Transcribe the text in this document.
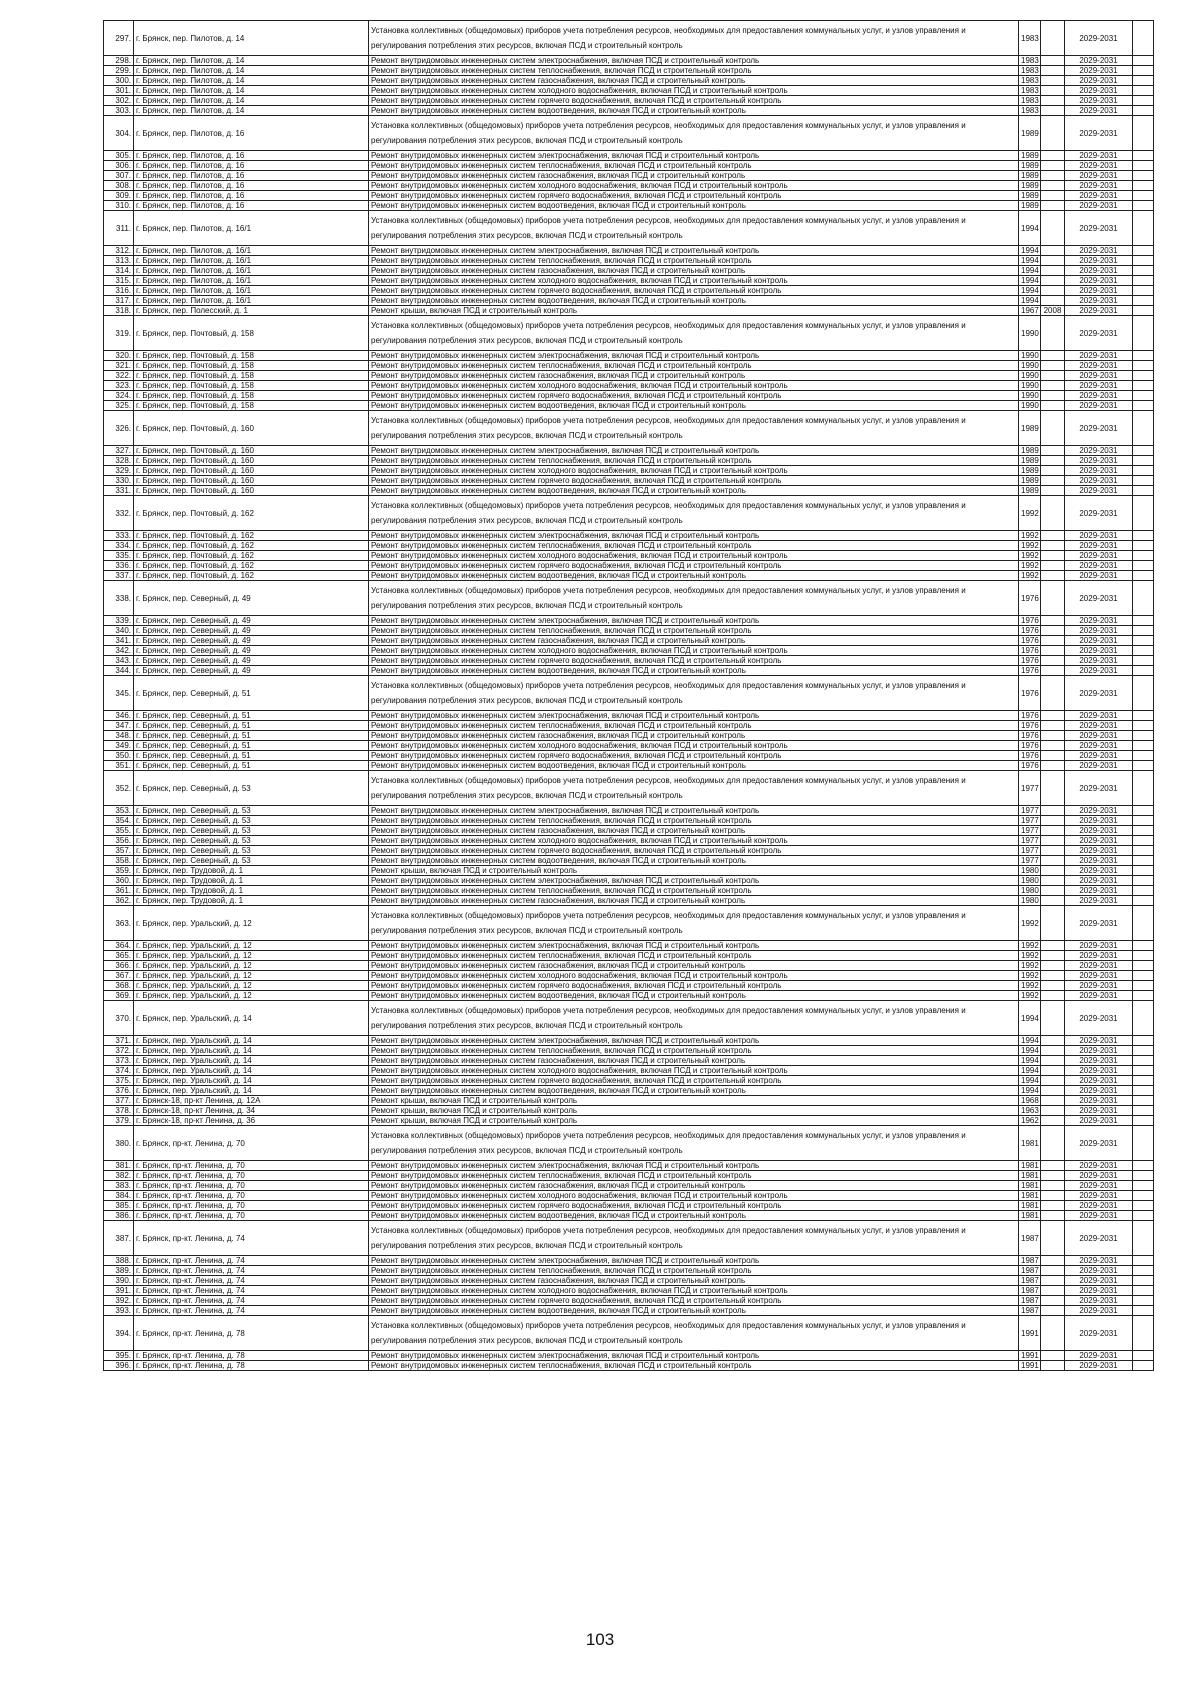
297.	г. Брянск, пер. Пилотов, д. 14	Установка коллективных (общедомовых) приборов учета потребления ресурсов, необходимых для предоставления коммунальных услуг, и узлов управления и регулирования потребления этих ресурсов, включая ПСД и строительный контроль	1983		2029-2031	
298.	г. Брянск, пер. Пилотов, д. 14	Ремонт внутридомовых инженерных систем электроснабжения, включая ПСД и строительный контроль	1983		2029-2031	
299.	г. Брянск, пер. Пилотов, д. 14	Ремонт внутридомовых инженерных систем теплоснабжения, включая ПСД и строительный контроль	1983		2029-2031	
300.	г. Брянск, пер. Пилотов, д. 14	Ремонт внутридомовых инженерных систем газоснабжения, включая ПСД и строительный контроль	1983		2029-2031	
301.	г. Брянск, пер. Пилотов, д. 14	Ремонт внутридомовых инженерных систем холодного водоснабжения, включая ПСД и строительный контроль	1983		2029-2031	
302.	г. Брянск, пер. Пилотов, д. 14	Ремонт внутридомовых инженерных систем горячего водоснабжения, включая ПСД и строительный контроль	1983		2029-2031	
303.	г. Брянск, пер. Пилотов, д. 14	Ремонт внутридомовых инженерных систем водоотведения, включая ПСД и строительный контроль	1983		2029-2031	
304.	г. Брянск, пер. Пилотов, д. 16	Установка коллективных (общедомовых) приборов учета потребления ресурсов, необходимых для предоставления коммунальных услуг, и узлов управления и регулирования потребления этих ресурсов, включая ПСД и строительный контроль	1989		2029-2031	
305.	г. Брянск, пер. Пилотов, д. 16	Ремонт внутридомовых инженерных систем электроснабжения, включая ПСД и строительный контроль	1989		2029-2031	
306.	г. Брянск, пер. Пилотов, д. 16	Ремонт внутридомовых инженерных систем теплоснабжения, включая ПСД и строительный контроль	1989		2029-2031	
307.	г. Брянск, пер. Пилотов, д. 16	Ремонт внутридомовых инженерных систем газоснабжения, включая ПСД и строительный контроль	1989		2029-2031	
308.	г. Брянск, пер. Пилотов, д. 16	Ремонт внутридомовых инженерных систем холодного водоснабжения, включая ПСД и строительный контроль	1989		2029-2031	
309.	г. Брянск, пер. Пилотов, д. 16	Ремонт внутридомовых инженерных систем горячего водоснабжения, включая ПСД и строительный контроль	1989		2029-2031	
310.	г. Брянск, пер. Пилотов, д. 16	Ремонт внутридомовых инженерных систем водоотведения, включая ПСД и строительный контроль	1989		2029-2031	
311.	г. Брянск, пер. Пилотов, д. 16/1	Установка коллективных (общедомовых) приборов учета потребления ресурсов, необходимых для предоставления коммунальных услуг, и узлов управления и регулирования потребления этих ресурсов, включая ПСД и строительный контроль	1994		2029-2031	
312.	г. Брянск, пер. Пилотов, д. 16/1	Ремонт внутридомовых инженерных систем электроснабжения, включая ПСД и строительный контроль	1994		2029-2031	
313.	г. Брянск, пер. Пилотов, д. 16/1	Ремонт внутридомовых инженерных систем теплоснабжения, включая ПСД и строительный контроль	1994		2029-2031	
314.	г. Брянск, пер. Пилотов, д. 16/1	Ремонт внутридомовых инженерных систем газоснабжения, включая ПСД и строительный контроль	1994		2029-2031	
315.	г. Брянск, пер. Пилотов, д. 16/1	Ремонт внутридомовых инженерных систем холодного водоснабжения, включая ПСД и строительный контроль	1994		2029-2031	
316.	г. Брянск, пер. Пилотов, д. 16/1	Ремонт внутридомовых инженерных систем горячего водоснабжения, включая ПСД и строительный контроль	1994		2029-2031	
317.	г. Брянск, пер. Пилотов, д. 16/1	Ремонт внутридомовых инженерных систем водоотведения, включая ПСД и строительный контроль	1994		2029-2031	
318.	г. Брянск, пер. Полесский, д. 1	Ремонт крыши, включая ПСД и строительный контроль	1967	2008	2029-2031	
319.	г. Брянск, пер. Почтовый, д. 158	Установка коллективных (общедомовых) приборов учета потребления ресурсов, необходимых для предоставления коммунальных услуг, и узлов управления и регулирования потребления этих ресурсов, включая ПСД и строительный контроль	1990		2029-2031	
320.	г. Брянск, пер. Почтовый, д. 158	Ремонт внутридомовых инженерных систем электроснабжения, включая ПСД и строительный контроль	1990		2029-2031	
321.	г. Брянск, пер. Почтовый, д. 158	Ремонт внутридомовых инженерных систем теплоснабжения, включая ПСД и строительный контроль	1990		2029-2031	
322.	г. Брянск, пер. Почтовый, д. 158	Ремонт внутридомовых инженерных систем газоснабжения, включая ПСД и строительный контроль	1990		2029-2031	
323.	г. Брянск, пер. Почтовый, д. 158	Ремонт внутридомовых инженерных систем холодного водоснабжения, включая ПСД и строительный контроль	1990		2029-2031	
324.	г. Брянск, пер. Почтовый, д. 158	Ремонт внутридомовых инженерных систем горячего водоснабжения, включая ПСД и строительный контроль	1990		2029-2031	
325.	г. Брянск, пер. Почтовый, д. 158	Ремонт внутридомовых инженерных систем водоотведения, включая ПСД и строительный контроль	1990		2029-2031	
326.	г. Брянск, пер. Почтовый, д. 160	Установка коллективных (общедомовых) приборов учета потребления ресурсов, необходимых для предоставления коммунальных услуг, и узлов управления и регулирования потребления этих ресурсов, включая ПСД и строительный контроль	1989		2029-2031	
327.	г. Брянск, пер. Почтовый, д. 160	Ремонт внутридомовых инженерных систем электроснабжения, включая ПСД и строительный контроль	1989		2029-2031	
328.	г. Брянск, пер. Почтовый, д. 160	Ремонт внутридомовых инженерных систем теплоснабжения, включая ПСД и строительный контроль	1989		2029-2031	
329.	г. Брянск, пер. Почтовый, д. 160	Ремонт внутридомовых инженерных систем холодного водоснабжения, включая ПСД и строительный контроль	1989		2029-2031	
330.	г. Брянск, пер. Почтовый, д. 160	Ремонт внутридомовых инженерных систем горячего водоснабжения, включая ПСД и строительный контроль	1989		2029-2031	
331.	г. Брянск, пер. Почтовый, д. 160	Ремонт внутридомовых инженерных систем водоотведения, включая ПСД и строительный контроль	1989		2029-2031	
332.	г. Брянск, пер. Почтовый, д. 162	Установка коллективных (общедомовых) приборов учета потребления ресурсов, необходимых для предоставления коммунальных услуг, и узлов управления и регулирования потребления этих ресурсов, включая ПСД и строительный контроль	1992		2029-2031	
333.	г. Брянск, пер. Почтовый, д. 162	Ремонт внутридомовых инженерных систем электроснабжения, включая ПСД и строительный контроль	1992		2029-2031	
334.	г. Брянск, пер. Почтовый, д. 162	Ремонт внутридомовых инженерных систем теплоснабжения, включая ПСД и строительный контроль	1992		2029-2031	
335.	г. Брянск, пер. Почтовый, д. 162	Ремонт внутридомовых инженерных систем холодного водоснабжения, включая ПСД и строительный контроль	1992		2029-2031	
336.	г. Брянск, пер. Почтовый, д. 162	Ремонт внутридомовых инженерных систем горячего водоснабжения, включая ПСД и строительный контроль	1992		2029-2031	
337.	г. Брянск, пер. Почтовый, д. 162	Ремонт внутридомовых инженерных систем водоотведения, включая ПСД и строительный контроль	1992		2029-2031	
338.	г. Брянск, пер. Северный, д. 49	Установка коллективных (общедомовых) приборов учета потребления ресурсов, необходимых для предоставления коммунальных услуг, и узлов управления и регулирования потребления этих ресурсов, включая ПСД и строительный контроль	1976		2029-2031	
339.	г. Брянск, пер. Северный, д. 49	Ремонт внутридомовых инженерных систем электроснабжения, включая ПСД и строительный контроль	1976		2029-2031	
340.	г. Брянск, пер. Северный, д. 49	Ремонт внутридомовых инженерных систем теплоснабжения, включая ПСД и строительный контроль	1976		2029-2031	
341.	г. Брянск, пер. Северный, д. 49	Ремонт внутридомовых инженерных систем газоснабжения, включая ПСД и строительный контроль	1976		2029-2031	
342.	г. Брянск, пер. Северный, д. 49	Ремонт внутридомовых инженерных систем холодного водоснабжения, включая ПСД и строительный контроль	1976		2029-2031	
343.	г. Брянск, пер. Северный, д. 49	Ремонт внутридомовых инженерных систем горячего водоснабжения, включая ПСД и строительный контроль	1976		2029-2031	
344.	г. Брянск, пер. Северный, д. 49	Ремонт внутридомовых инженерных систем водоотведения, включая ПСД и строительный контроль	1976		2029-2031	
345.	г. Брянск, пер. Северный, д. 51	Установка коллективных (общедомовых) приборов учета потребления ресурсов, необходимых для предоставления коммунальных услуг, и узлов управления и регулирования потребления этих ресурсов, включая ПСД и строительный контроль	1976		2029-2031	
346.	г. Брянск, пер. Северный, д. 51	Ремонт внутридомовых инженерных систем электроснабжения, включая ПСД и строительный контроль	1976		2029-2031	
347.	г. Брянск, пер. Северный, д. 51	Ремонт внутридомовых инженерных систем теплоснабжения, включая ПСД и строительный контроль	1976		2029-2031	
348.	г. Брянск, пер. Северный, д. 51	Ремонт внутридомовых инженерных систем газоснабжения, включая ПСД и строительный контроль	1976		2029-2031	
349.	г. Брянск, пер. Северный, д. 51	Ремонт внутридомовых инженерных систем холодного водоснабжения, включая ПСД и строительный контроль	1976		2029-2031	
350.	г. Брянск, пер. Северный, д. 51	Ремонт внутридомовых инженерных систем горячего водоснабжения, включая ПСД и строительный контроль	1976		2029-2031	
351.	г. Брянск, пер. Северный, д. 51	Ремонт внутридомовых инженерных систем водоотведения, включая ПСД и строительный контроль	1976		2029-2031	
352.	г. Брянск, пер. Северный, д. 53	Установка коллективных (общедомовых) приборов учета потребления ресурсов, необходимых для предоставления коммунальных услуг, и узлов управления и регулирования потребления этих ресурсов, включая ПСД и строительный контроль	1977		2029-2031	
353.	г. Брянск, пер. Северный, д. 53	Ремонт внутридомовых инженерных систем электроснабжения, включая ПСД и строительный контроль	1977		2029-2031	
354.	г. Брянск, пер. Северный, д. 53	Ремонт внутридомовых инженерных систем теплоснабжения, включая ПСД и строительный контроль	1977		2029-2031	
355.	г. Брянск, пер. Северный, д. 53	Ремонт внутридомовых инженерных систем газоснабжения, включая ПСД и строительный контроль	1977		2029-2031	
356.	г. Брянск, пер. Северный, д. 53	Ремонт внутридомовых инженерных систем холодного водоснабжения, включая ПСД и строительный контроль	1977		2029-2031	
357.	г. Брянск, пер. Северный, д. 53	Ремонт внутридомовых инженерных систем горячего водоснабжения, включая ПСД и строительный контроль	1977		2029-2031	
358.	г. Брянск, пер. Северный, д. 53	Ремонт внутридомовых инженерных систем водоотведения, включая ПСД и строительный контроль	1977		2029-2031	
359.	г. Брянск, пер. Трудовой, д. 1	Ремонт крыши, включая ПСД и строительный контроль	1980		2029-2031	
360.	г. Брянск, пер. Трудовой, д. 1	Ремонт внутридомовых инженерных систем электроснабжения, включая ПСД и строительный контроль	1980		2029-2031	
361.	г. Брянск, пер. Трудовой, д. 1	Ремонт внутридомовых инженерных систем теплоснабжения, включая ПСД и строительный контроль	1980		2029-2031	
362.	г. Брянск, пер. Трудовой, д. 1	Ремонт внутридомовых инженерных систем газоснабжения, включая ПСД и строительный контроль	1980		2029-2031	
363.	г. Брянск, пер. Уральский, д. 12	Установка коллективных (общедомовых) приборов учета потребления ресурсов, необходимых для предоставления коммунальных услуг, и узлов управления и регулирования потребления этих ресурсов, включая ПСД и строительный контроль	1992		2029-2031	
364.	г. Брянск, пер. Уральский, д. 12	Ремонт внутридомовых инженерных систем электроснабжения, включая ПСД и строительный контроль	1992		2029-2031	
365.	г. Брянск, пер. Уральский, д. 12	Ремонт внутридомовых инженерных систем теплоснабжения, включая ПСД и строительный контроль	1992		2029-2031	
366.	г. Брянск, пер. Уральский, д. 12	Ремонт внутридомовых инженерных систем газоснабжения, включая ПСД и строительный контроль	1992		2029-2031	
367.	г. Брянск, пер. Уральский, д. 12	Ремонт внутридомовых инженерных систем холодного водоснабжения, включая ПСД и строительный контроль	1992		2029-2031	
368.	г. Брянск, пер. Уральский, д. 12	Ремонт внутридомовых инженерных систем горячего водоснабжения, включая ПСД и строительный контроль	1992		2029-2031	
369.	г. Брянск, пер. Уральский, д. 12	Ремонт внутридомовых инженерных систем водоотведения, включая ПСД и строительный контроль	1992		2029-2031	
370.	г. Брянск, пер. Уральский, д. 14	Установка коллективных (общедомовых) приборов учета потребления ресурсов, необходимых для предоставления коммунальных услуг, и узлов управления и регулирования потребления этих ресурсов, включая ПСД и строительный контроль	1994		2029-2031	
371.	г. Брянск, пер. Уральский, д. 14	Ремонт внутридомовых инженерных систем электроснабжения, включая ПСД и строительный контроль	1994		2029-2031	
372.	г. Брянск, пер. Уральский, д. 14	Ремонт внутридомовых инженерных систем теплоснабжения, включая ПСД и строительный контроль	1994		2029-2031	
373.	г. Брянск, пер. Уральский, д. 14	Ремонт внутридомовых инженерных систем газоснабжения, включая ПСД и строительный контроль	1994		2029-2031	
374.	г. Брянск, пер. Уральский, д. 14	Ремонт внутридомовых инженерных систем холодного водоснабжения, включая ПСД и строительный контроль	1994		2029-2031	
375.	г. Брянск, пер. Уральский, д. 14	Ремонт внутридомовых инженерных систем горячего водоснабжения, включая ПСД и строительный контроль	1994		2029-2031	
376.	г. Брянск, пер. Уральский, д. 14	Ремонт внутридомовых инженерных систем водоотведения, включая ПСД и строительный контроль	1994		2029-2031	
377.	г. Брянск-18, пр-кт Ленина, д. 12А	Ремонт крыши, включая ПСД и строительный контроль	1968		2029-2031	
378.	г. Брянск-18, пр-кт Ленина, д. 34	Ремонт крыши, включая ПСД и строительный контроль	1963		2029-2031	
379.	г. Брянск-18, пр-кт Ленина, д. 36	Ремонт крыши, включая ПСД и строительный контроль	1962		2029-2031	
380.	г. Брянск, пр-кт. Ленина, д. 70	Установка коллективных (общедомовых) приборов учета потребления ресурсов, необходимых для предоставления коммунальных услуг, и узлов управления и регулирования потребления этих ресурсов, включая ПСД и строительный контроль	1981		2029-2031	
381.	г. Брянск, пр-кт. Ленина, д. 70	Ремонт внутридомовых инженерных систем электроснабжения, включая ПСД и строительный контроль	1981		2029-2031	
382.	г. Брянск, пр-кт. Ленина, д. 70	Ремонт внутридомовых инженерных систем теплоснабжения, включая ПСД и строительный контроль	1981		2029-2031	
383.	г. Брянск, пр-кт. Ленина, д. 70	Ремонт внутридомовых инженерных систем газоснабжения, включая ПСД и строительный контроль	1981		2029-2031	
384.	г. Брянск, пр-кт. Ленина, д. 70	Ремонт внутридомовых инженерных систем холодного водоснабжения, включая ПСД и строительный контроль	1981		2029-2031	
385.	г. Брянск, пр-кт. Ленина, д. 70	Ремонт внутридомовых инженерных систем горячего водоснабжения, включая ПСД и строительный контроль	1981		2029-2031	
386.	г. Брянск, пр-кт. Ленина, д. 70	Ремонт внутридомовых инженерных систем водоотведения, включая ПСД и строительный контроль	1981		2029-2031	
387.	г. Брянск, пр-кт. Ленина, д. 74	Установка коллективных (общедомовых) приборов учета потребления ресурсов, необходимых для предоставления коммунальных услуг, и узлов управления и регулирования потребления этих ресурсов, включая ПСД и строительный контроль	1987		2029-2031	
388.	г. Брянск, пр-кт. Ленина, д. 74	Ремонт внутридомовых инженерных систем электроснабжения, включая ПСД и строительный контроль	1987		2029-2031	
389.	г. Брянск, пр-кт. Ленина, д. 74	Ремонт внутридомовых инженерных систем теплоснабжения, включая ПСД и строительный контроль	1987		2029-2031	
390.	г. Брянск, пр-кт. Ленина, д. 74	Ремонт внутридомовых инженерных систем газоснабжения, включая ПСД и строительный контроль	1987		2029-2031	
391.	г. Брянск, пр-кт. Ленина, д. 74	Ремонт внутридомовых инженерных систем холодного водоснабжения, включая ПСД и строительный контроль	1987		2029-2031	
392.	г. Брянск, пр-кт. Ленина, д. 74	Ремонт внутридомовых инженерных систем горячего водоснабжения, включая ПСД и строительный контроль	1987		2029-2031	
393.	г. Брянск, пр-кт. Ленина, д. 74	Ремонт внутридомовых инженерных систем водоотведения, включая ПСД и строительный контроль	1987		2029-2031	
394.	г. Брянск, пр-кт. Ленина, д. 78	Установка коллективных (общедомовых) приборов учета потребления ресурсов, необходимых для предоставления коммунальных услуг, и узлов управления и регулирования потребления этих ресурсов, включая ПСД и строительный контроль	1991		2029-2031	
395.	г. Брянск, пр-кт. Ленина, д. 78	Ремонт внутридомовых инженерных систем электроснабжения, включая ПСД и строительный контроль	1991		2029-2031	
396.	г. Брянск, пр-кт. Ленина, д. 78	Ремонт внутридомовых инженерных систем теплоснабжения, включая ПСД и строительный контроль	1991		2029-2031	
103
